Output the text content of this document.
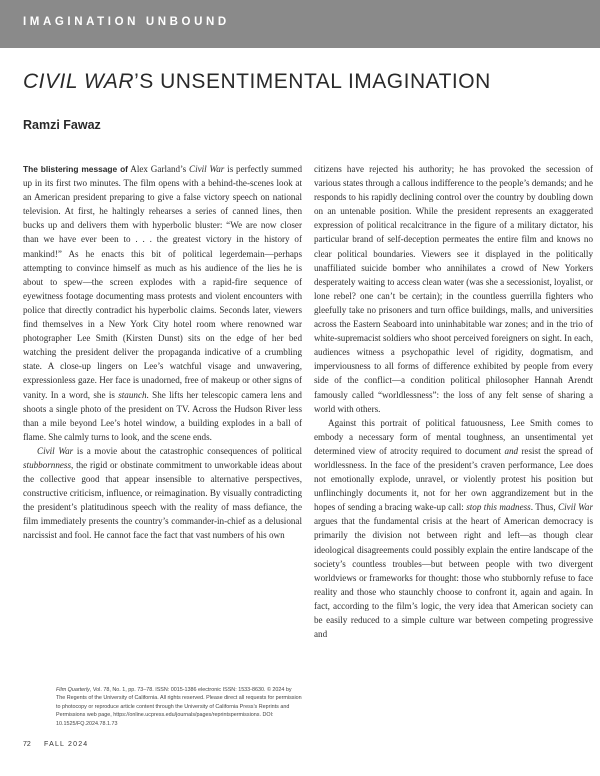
IMAGINATION UNBOUND
CIVIL WAR’S UNSENTIMENTAL IMAGINATION
Ramzi Fawaz

The blistering message of Alex Garland’s Civil War is perfectly summed up in its first two minutes. The film opens with a behind-the-scenes look at an American president preparing to give a false victory speech on national television. At first, he haltingly rehearses a series of canned lines, then bucks up and delivers them with hyperbolic bluster: “We are now closer than we have ever been to . . . the greatest victory in the history of mankind!” As he enacts this bit of political legerdemain—perhaps attempting to convince himself as much as his audience of the lies he is about to spew—the screen explodes with a rapid-fire sequence of eyewitness footage documenting mass protests and violent encounters with police that directly contradict his hyperbolic claims. Seconds later, viewers find themselves in a New York City hotel room where renowned war photographer Lee Smith (Kirsten Dunst) sits on the edge of her bed watching the president deliver the propaganda indicative of a crumbling state. A close-up lingers on Lee’s watchful visage and unwavering, expressionless gaze. Her face is unadorned, free of makeup or other signs of vanity. In a word, she is staunch. She lifts her telescopic camera lens and shoots a single photo of the president on TV. Across the Hudson River less than a mile beyond Lee’s hotel window, a building explodes in a ball of flame. She calmly turns to look, and the scene ends.

Civil War is a movie about the catastrophic consequences of political stubbornness, the rigid or obstinate commitment to unworkable ideas about the collective good that appear insensible to alternative perspectives, constructive criticism, influence, or reimagination. By visually contradicting the president’s platitudinous speech with the reality of mass defiance, the film immediately presents the country’s commander-in-chief as a delusional narcissist and fool. He cannot face the fact that vast numbers of his own

citizens have rejected his authority; he has provoked the secession of various states through a callous indifference to the people’s demands; and he responds to his rapidly declining control over the country by doubling down on an untenable position. While the president represents an exaggerated expression of political recalcitrance in the figure of a military dictator, his particular brand of self-deception permeates the entire film and knows no clear political boundaries. Viewers see it displayed in the politically unaffiliated suicide bomber who annihilates a crowd of New Yorkers desperately waiting to access clean water (was she a secessionist, loyalist, or lone rebel? one can’t be certain); in the countless guerrilla fighters who gleefully take no prisoners and turn office buildings, malls, and universities across the Eastern Seaboard into uninhabitable war zones; and in the trio of white-supremacist soldiers who shoot perceived foreigners on sight. In each, audiences witness a psychopathic level of rigidity, dogmatism, and imperviousness to all forms of difference exhibited by people from every side of the conflict—a condition political philosopher Hannah Arendt famously called “worldlessness”: the loss of any felt sense of sharing a world with others.

Against this portrait of political fatuousness, Lee Smith comes to embody a necessary form of mental toughness, an unsentimental yet determined view of atrocity required to document and resist the spread of worldlessness. In the face of the president’s craven performance, Lee does not emotionally explode, unravel, or violently protest his position but unflinchingly documents it, not for her own aggrandizement but in the hopes of sending a bracing wake-up call: stop this madness. Thus, Civil War argues that the fundamental crisis at the heart of American democracy is primarily the division not between right and left—as though clear ideological disagreements could possibly explain the entire landscape of the society’s countless troubles—but between people with two divergent worldviews or frameworks for thought: those who stubbornly refuse to face reality and those who staunchly choose to confront it, again and again. In fact, according to the film’s logic, the very idea that American society can be easily reduced to a simple culture war between competing progressive and

Film Quarterly, Vol. 78, No. 1, pp. 73–78. ISSN: 0015-1386 electronic ISSN: 1533-8630. © 2024 by The Regents of the University of California. All rights reserved. Please direct all requests for permission to photocopy or reproduce article content through the University of California Press’s Reprints and Permissions web page, https://online.ucpress.edu/journals/pages/reprintspermissions. DOI: 10.1525/FQ.2024.78.1.73
72 FALL 2024
